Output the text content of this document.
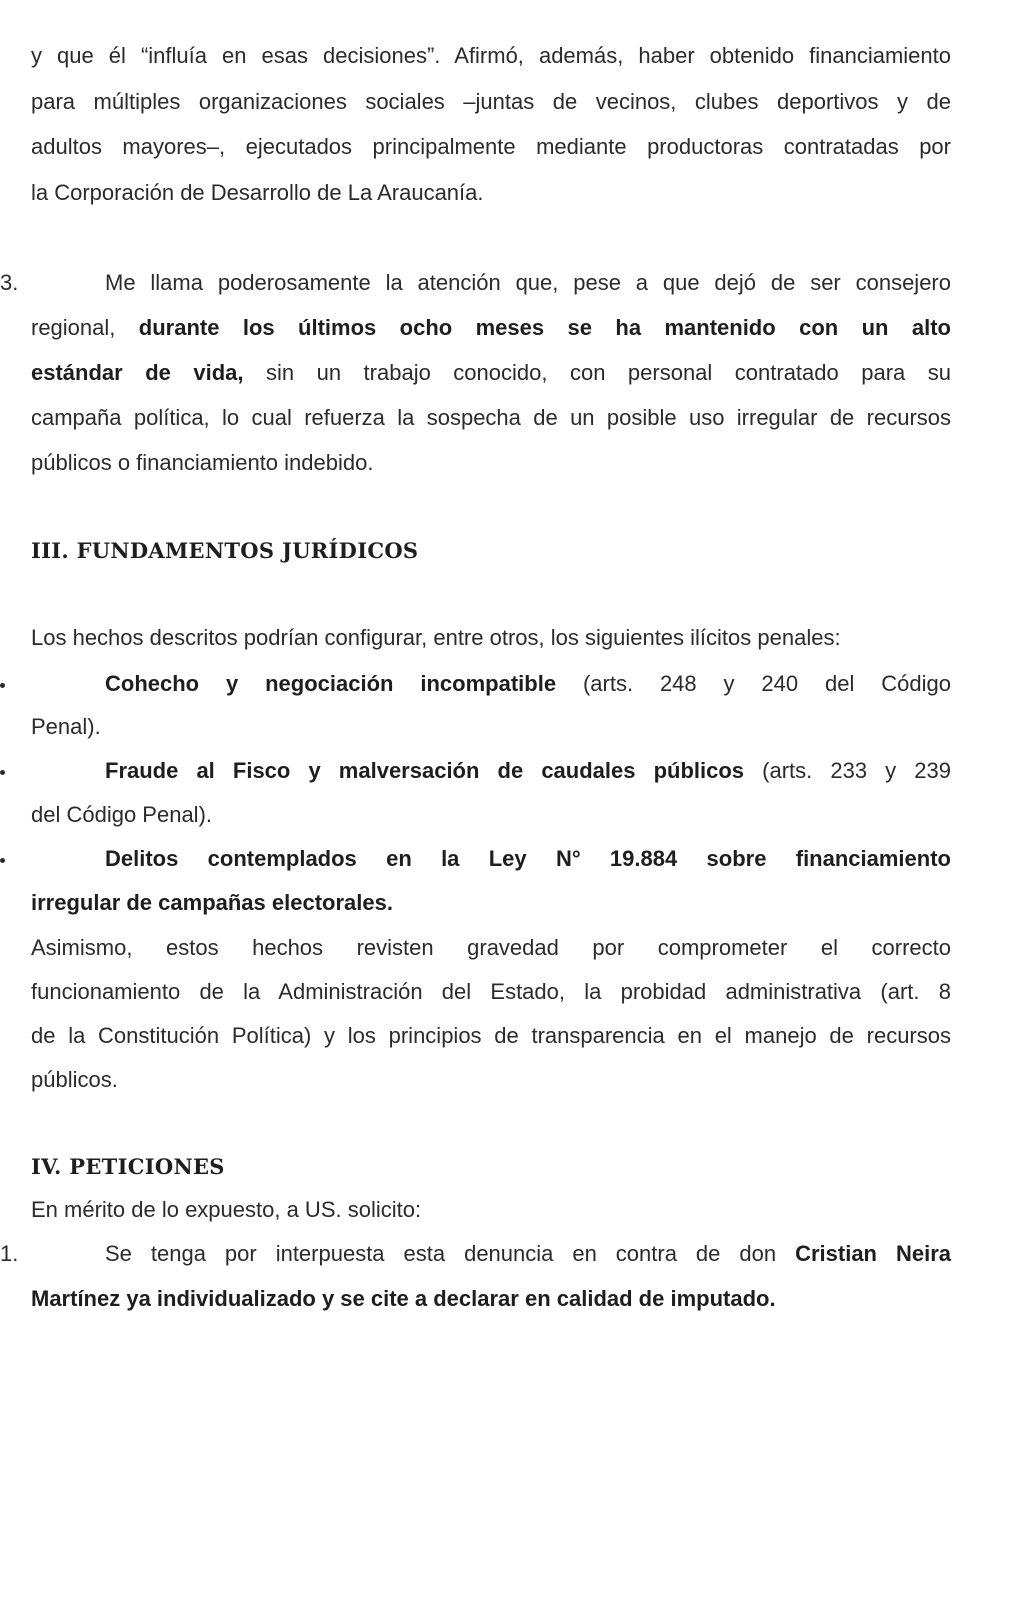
y que él “influía en esas decisiones”. Afirmó, además, haber obtenido financiamiento
para múltiples organizaciones sociales –juntas de vecinos, clubes deportivos y de
adultos mayores–, ejecutados principalmente mediante productoras contratadas por
la Corporación de Desarrollo de La Araucanía.
3.	Me llama poderosamente la atención que, pese a que dejó de ser consejero
regional, durante los últimos ocho meses se ha mantenido con un alto
estándar de vida, sin un trabajo conocido, con personal contratado para su
campaña política, lo cual refuerza la sospecha de un posible uso irregular de recursos
públicos o financiamiento indebido.
III. FUNDAMENTOS JURÍDICOS
Los hechos descritos podrían configurar, entre otros, los siguientes ilícitos penales:
Cohecho y negociación incompatible (arts. 248 y 240 del Código
Penal).
Fraude al Fisco y malversación de caudales públicos (arts. 233 y 239
del Código Penal).
Delitos contemplados en la Ley N° 19.884 sobre financiamiento
irregular de campañas electorales.
Asimismo, estos hechos revisten gravedad por comprometer el correcto
funcionamiento de la Administración del Estado, la probidad administrativa (art. 8
de la Constitución Política) y los principios de transparencia en el manejo de recursos
públicos.
IV. PETICIONES
En mérito de lo expuesto, a US. solicito:
1.	Se tenga por interpuesta esta denuncia en contra de don Cristian Neira
Martínez ya individualizado y se cite a declarar en calidad de imputado.
